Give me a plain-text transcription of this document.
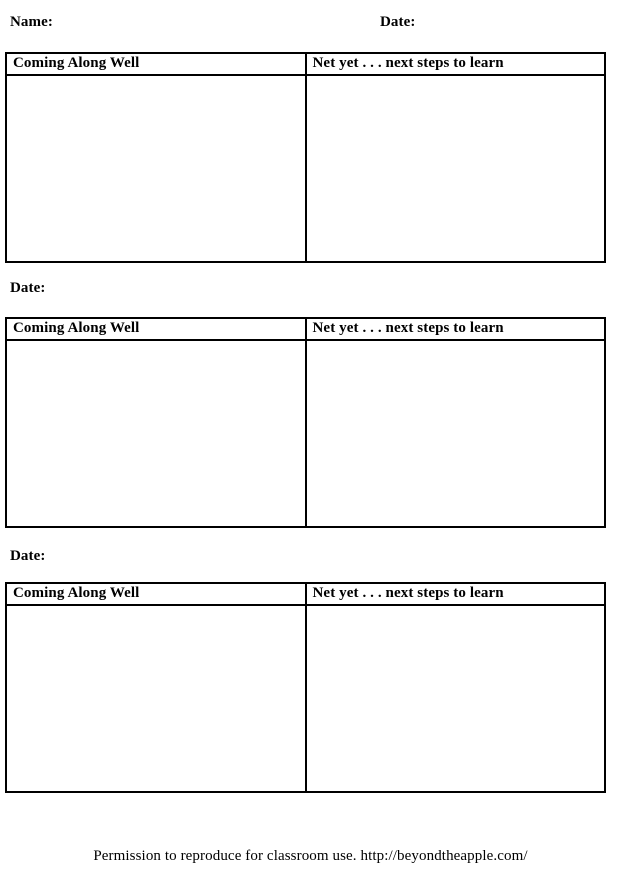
Name:	Date:
Coming Along Well	Net yet . . . next steps to learn

Date:
Coming Along Well	Net yet . . . next steps to learn

Date:
Coming Along Well	Net yet . . . next steps to learn

Permission to reproduce for classroom use. http://beyondtheapple.com/
